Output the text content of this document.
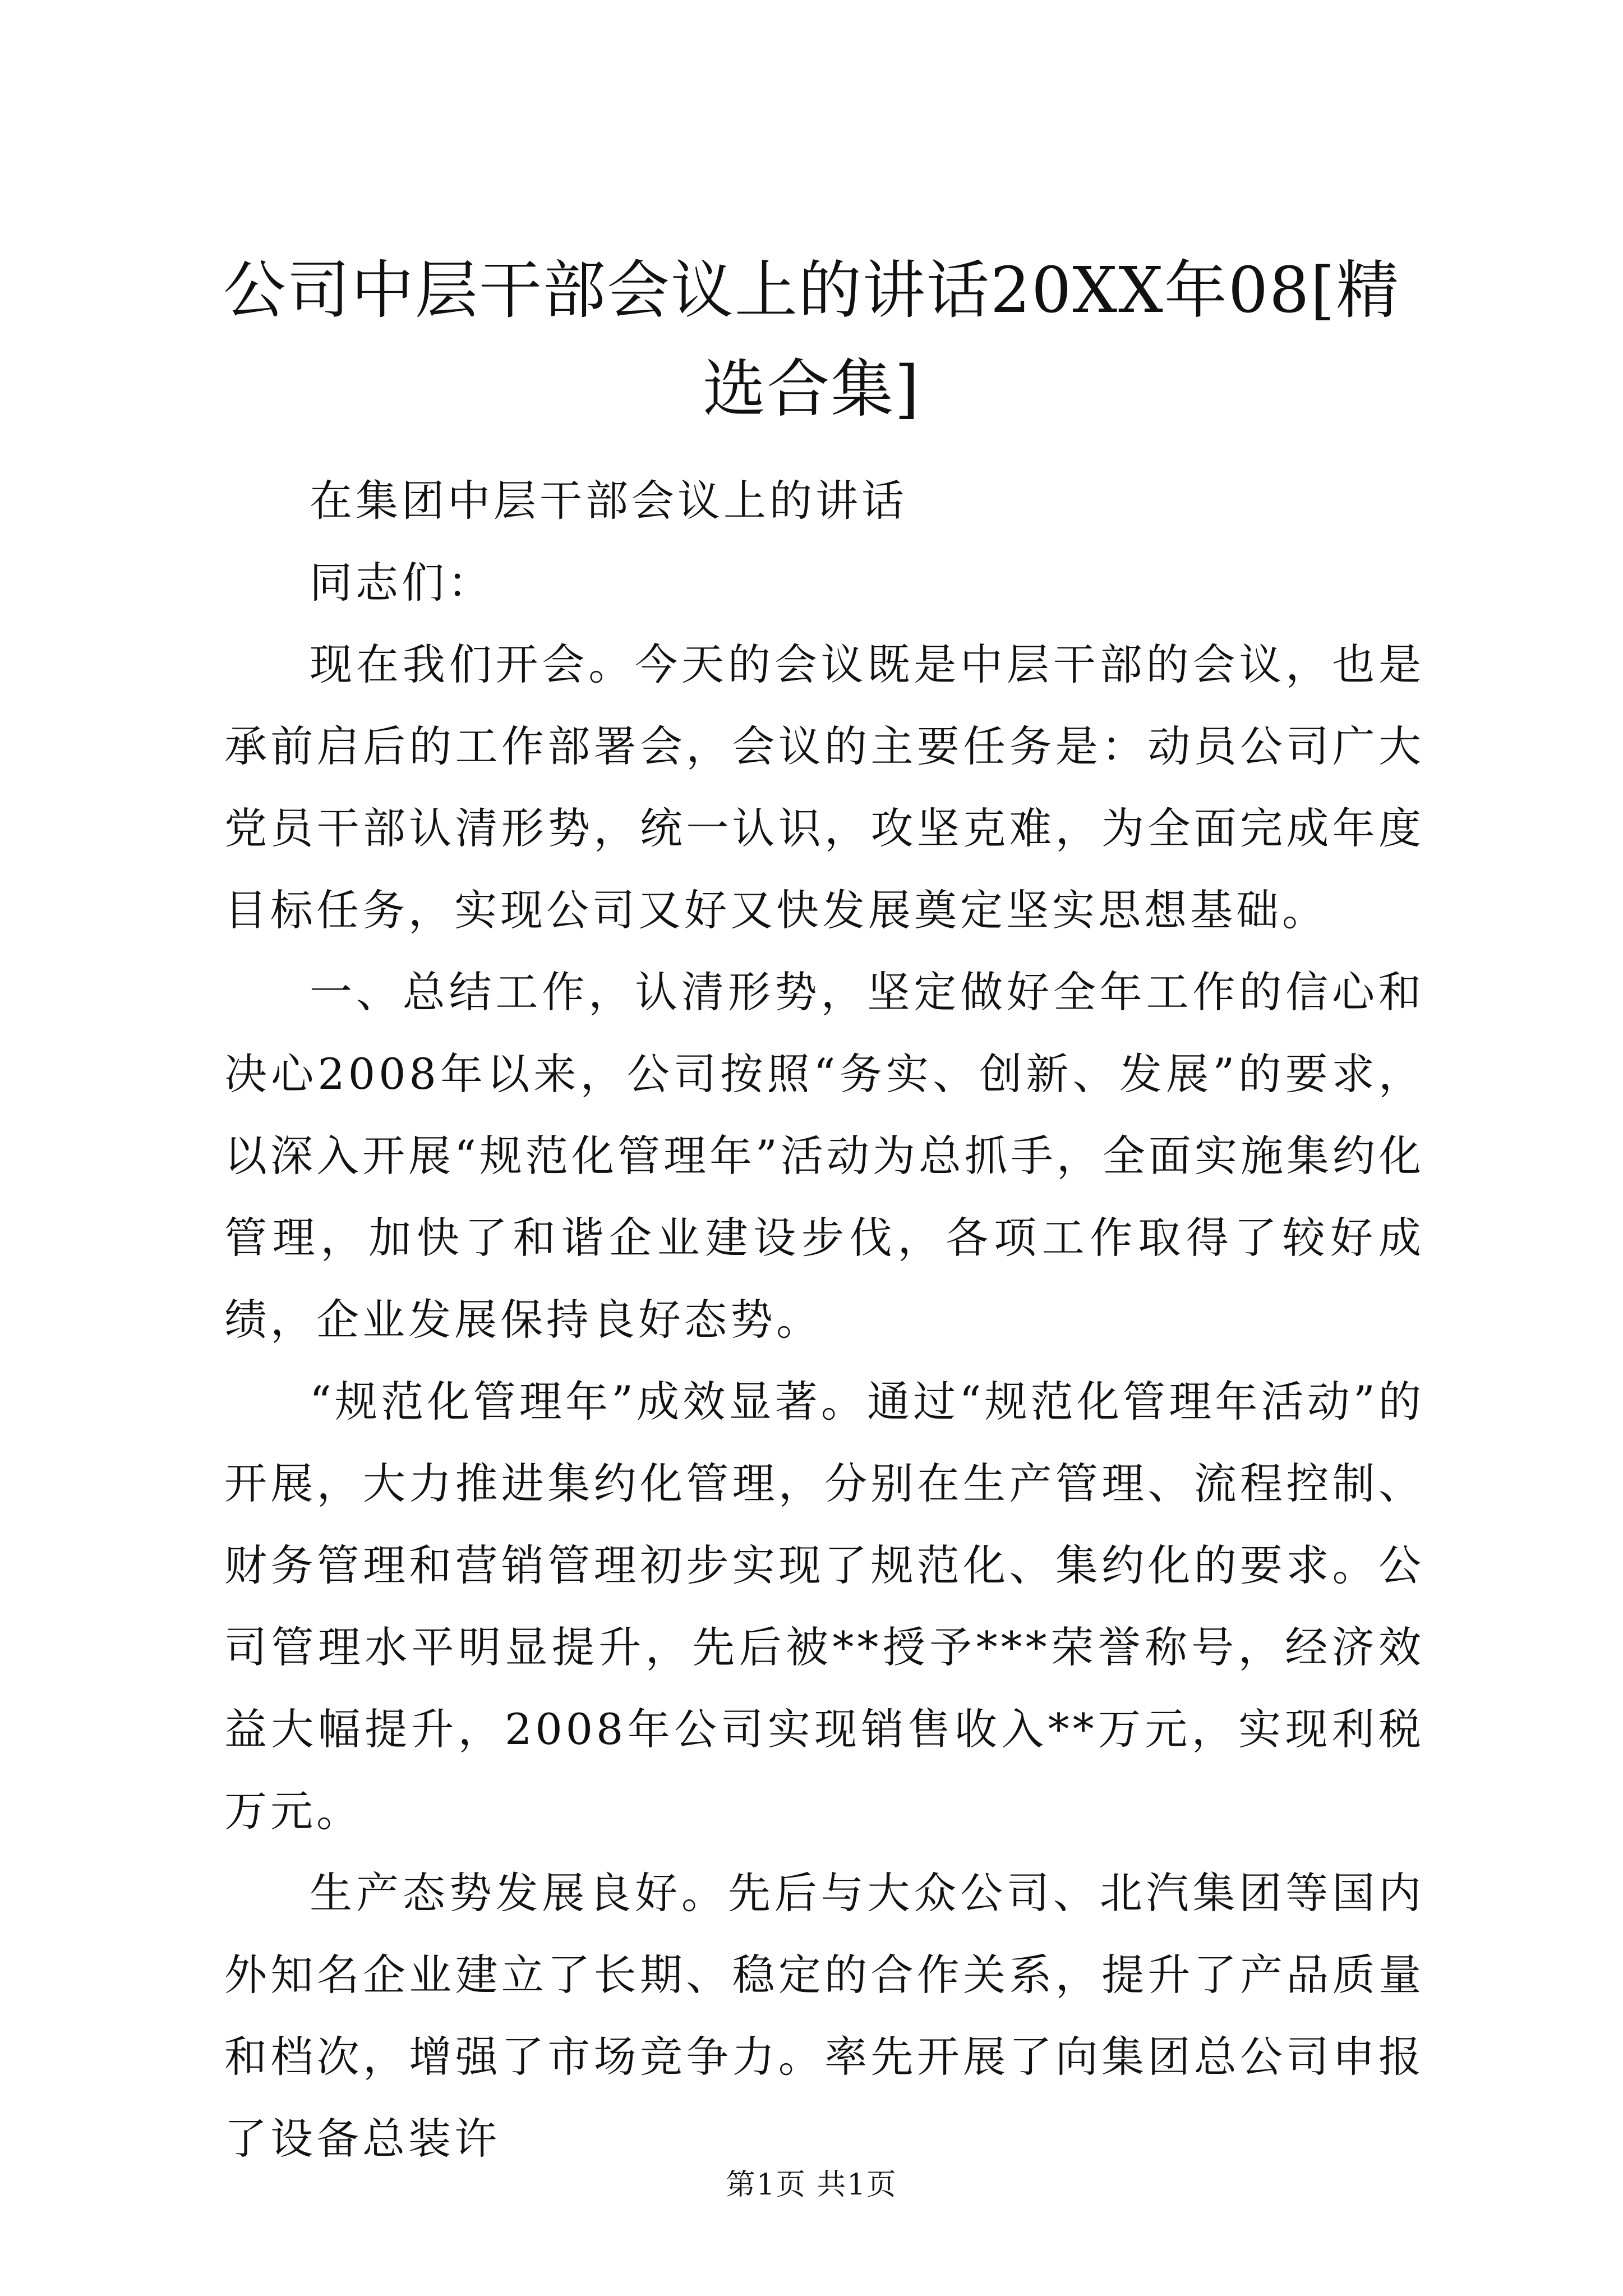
公司中层干部会议上的讲话20XX年08[精选合集]

在集团中层干部会议上的讲话

同志们：

现在我们开会。今天的会议既是中层干部的会议，也是承前启后的工作部署会，会议的主要任务是：动员公司广大党员干部认清形势，统一认识，攻坚克难，为全面完成年度目标任务，实现公司又好又快发展奠定坚实思想基础。

一、总结工作，认清形势，坚定做好全年工作的信心和决心2008年以来，公司按照“务实、创新、发展”的要求，以深入开展“规范化管理年”活动为总抓手，全面实施集约化管理，加快了和谐企业建设步伐，各项工作取得了较好成绩，企业发展保持良好态势。

“规范化管理年”成效显著。通过“规范化管理年活动”的开展，大力推进集约化管理，分别在生产管理、流程控制、财务管理和营销管理初步实现了规范化、集约化的要求。公司管理水平明显提升，先后被**授予***荣誉称号，经济效益大幅提升，2008年公司实现销售收入**万元，实现利税万元。

生产态势发展良好。先后与大众公司、北汽集团等国内外知名企业建立了长期、稳定的合作关系，提升了产品质量和档次，增强了市场竞争力。率先开展了向集团总公司申报了设备总装许

第1页 共1页
